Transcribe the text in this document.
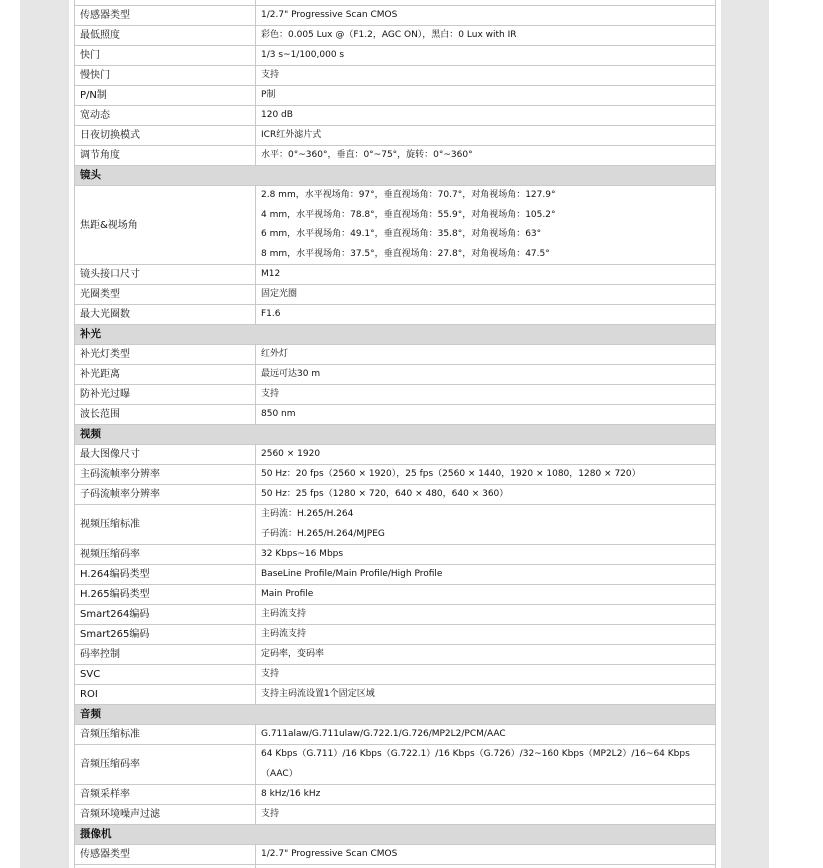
传感器类型	1/2.7" Progressive Scan CMOS
最低照度	彩色：0.005 Lux @（F1.2，AGC ON），黑白：0 Lux with IR
快门	1/3 s~1/100,000 s
慢快门	支持
P/N制	P制
宽动态	120 dB
日夜切换模式	ICR红外滤片式
调节角度	水平：0°~360°，垂直：0°~75°，旋转：0°~360°
镜头	
焦距&视场角	2.8 mm，水平视场角：97°，垂直视场角：70.7°，对角视场角：127.9°
4 mm，水平视场角：78.8°，垂直视场角：55.9°，对角视场角：105.2°
6 mm，水平视场角：49.1°，垂直视场角：35.8°，对角视场角：63°
8 mm，水平视场角：37.5°，垂直视场角：27.8°，对角视场角：47.5°

镜头接口尺寸	M12
光圈类型	固定光圈
最大光圈数	F1.6
补光	
补光灯类型	红外灯
补光距离	最远可达30 m
防补光过曝	支持
波长范围	850 nm
视频	
最大图像尺寸	2560 × 1920
主码流帧率分辨率	50 Hz：20 fps（2560 × 1920），25 fps（2560 × 1440，1920 × 1080，1280 × 720）
子码流帧率分辨率	50 Hz：25 fps（1280 × 720，640 × 480，640 × 360）
视频压缩标准	主码流：H.265/H.264
子码流：H.265/H.264/MJPEG

视频压缩码率	32 Kbps~16 Mbps
H.264编码类型	BaseLine Profile/Main Profile/High Profile
H.265编码类型	Main Profile
Smart264编码	主码流支持
Smart265编码	主码流支持
码率控制	定码率，变码率
SVC	支持
ROI	支持主码流设置1个固定区域
音频	
音频压缩标准	G.711alaw/G.711ulaw/G.722.1/G.726/MP2L2/PCM/AAC
音频压缩码率	64 Kbps（G.711）/16 Kbps（G.722.1）/16 Kbps（G.726）/32~160 Kbps（MP2L2）/16~64 Kbps
（AAC）

音频采样率	8 kHz/16 kHz
音频环境噪声过滤	支持
摄像机	
传感器类型	1/2.7" Progressive Scan CMOS
